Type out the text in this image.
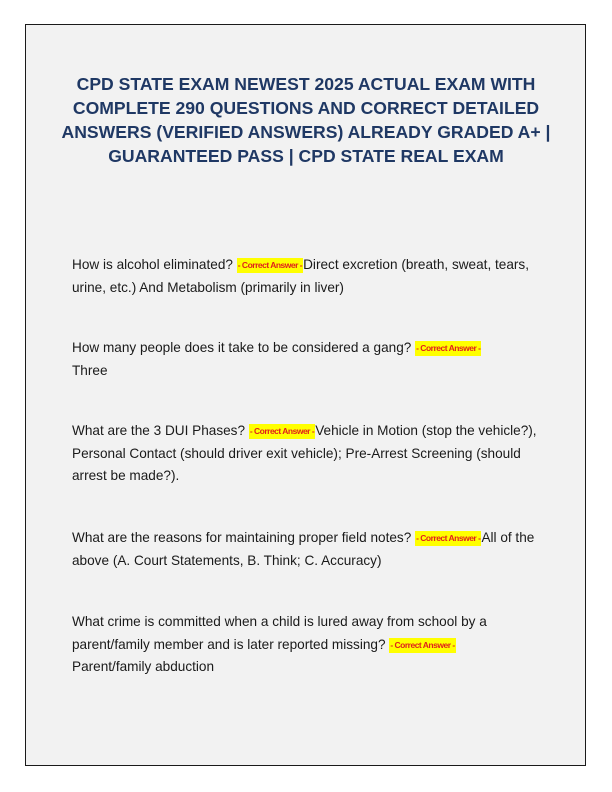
CPD STATE EXAM NEWEST 2025 ACTUAL EXAM WITH COMPLETE 290 QUESTIONS AND CORRECT DETAILED ANSWERS (VERIFIED ANSWERS) ALREADY GRADED A+ | GUARANTEED PASS | CPD STATE REAL EXAM

How is alcohol eliminated? - Correct Answer -Direct excretion (breath, sweat, tears, urine, etc.) And Metabolism (primarily in liver)

How many people does it take to be considered a gang? - Correct Answer -
Three

What are the 3 DUI Phases? - Correct Answer -Vehicle in Motion (stop the vehicle?), Personal Contact (should driver exit vehicle); Pre-Arrest Screening (should arrest be made?).

What are the reasons for maintaining proper field notes? - Correct Answer -All of the above (A. Court Statements, B. Think; C. Accuracy)

What crime is committed when a child is lured away from school by a parent/family member and is later reported missing? - Correct Answer -
Parent/family abduction
